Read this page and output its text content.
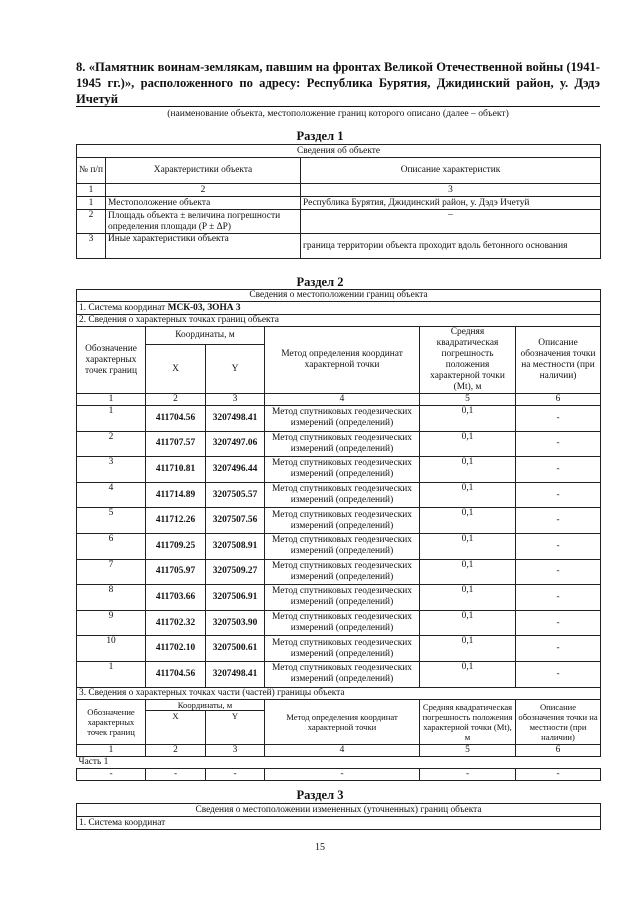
8. «Памятник воинам-землякам, павшим на фронтах Великой Отечественной войны (1941-1945 гг.)», расположенного по адресу: Республика Бурятия, Джидинский район, у. Дэдэ Ичетуй
(наименование объекта, местоположение границ которого описано (далее – объект)
Раздел 1
Сведения об объекте		
№ п/п	Характеристики объекта	Описание характеристик
1	2	3
1	Местоположение объекта	Республика Бурятия, Джидинский район, у. Дэдэ Ичетуй
2	Площадь объекта ± величина погрешности определения площади (P ± ΔP)	–
3	Иные характеристики объекта	граница территории объекта проходит вдоль бетонного основания
Раздел 2
Сведения о местоположении границ объекта					
1. Система координат МСК-03, ЗОНА 3					
2. Сведения о характерных точках границ объекта					
Обозначение характерных точек границ	Координаты, м		Метод определения координат характерной точки	Средняя квадратическая погрешность положения характерной точки (Mt), м	Описание обозначения точки на местности (при наличии)
	X	Y			
1	2	3	4	5	6
1	411704.56	3207498.41	Метод спутниковых геодезических измерений (определений)	0,1	-
2	411707.57	3207497.06	Метод спутниковых геодезических измерений (определений)	0,1	-
3	411710.81	3207496.44	Метод спутниковых геодезических измерений (определений)	0,1	-
4	411714.89	3207505.57	Метод спутниковых геодезических измерений (определений)	0,1	-
5	411712.26	3207507.56	Метод спутниковых геодезических измерений (определений)	0,1	-
6	411709.25	3207508.91	Метод спутниковых геодезических измерений (определений)	0,1	-
7	411705.97	3207509.27	Метод спутниковых геодезических измерений (определений)	0,1	-
8	411703.66	3207506.91	Метод спутниковых геодезических измерений (определений)	0,1	-
9	411702.32	3207503.90	Метод спутниковых геодезических измерений (определений)	0,1	-
10	411702.10	3207500.61	Метод спутниковых геодезических измерений (определений)	0,1	-
1	411704.56	3207498.41	Метод спутниковых геодезических измерений (определений)	0,1	-
3. Сведения о характерных точках части (частей) границы объекта					
Обозначение характерных точек границ	Координаты, м		Метод определения координат характерной точки	Средняя квадратическая погрешность положения характерной точки (Mt), м	Описание обозначения точки на местности (при наличии)
	X	Y			
1	2	3	4	5	6
Часть 1					
-	-	-	-	-	-
Раздел 3
Сведения о местоположении измененных (уточненных) границ объекта
1. Система координат
15
